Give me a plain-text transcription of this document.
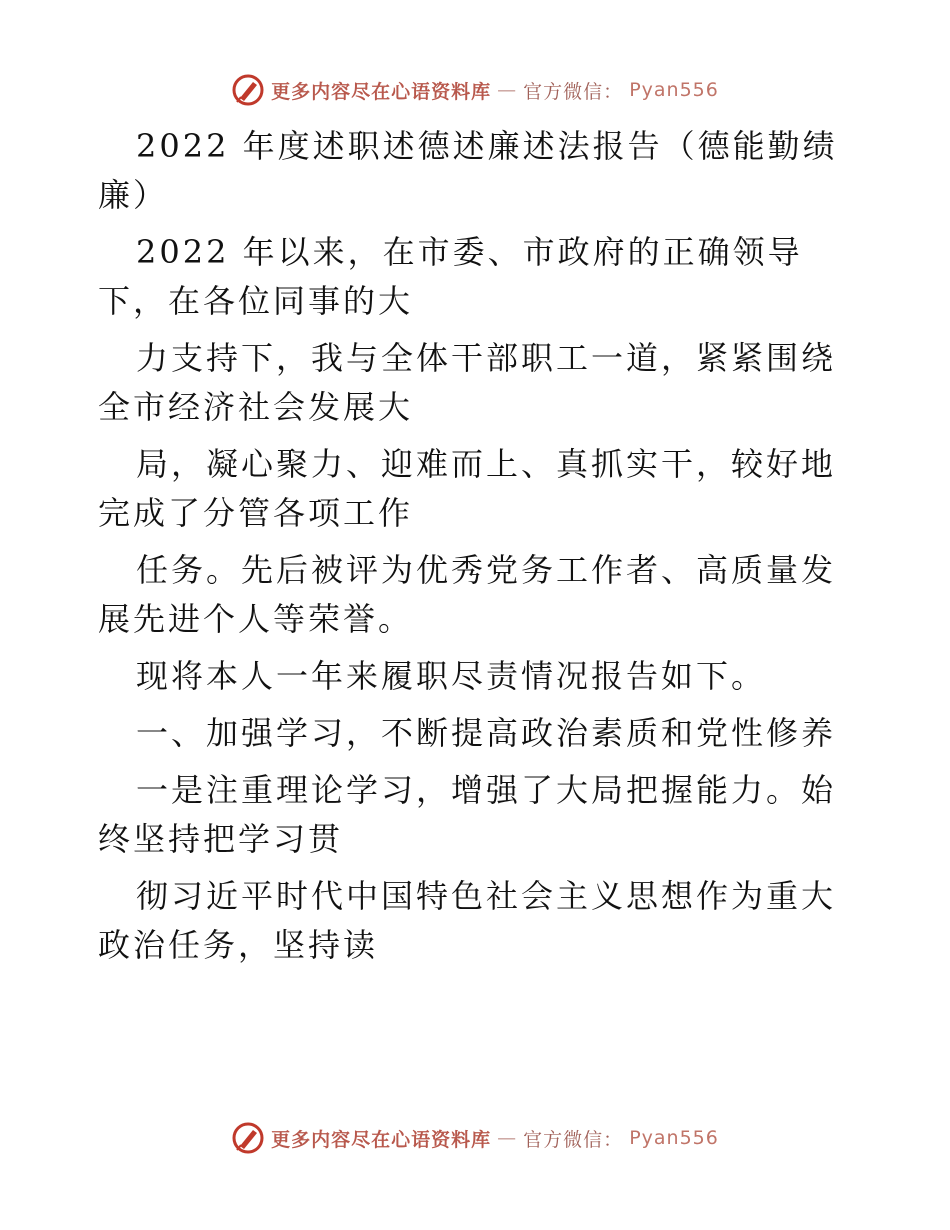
更多内容尽在心语资料库 — 官方微信： Pyan556

2022 年度述职述德述廉述法报告（德能勤绩廉）

2022 年以来，在市委、市政府的正确领导下，在各位同事的大

力支持下，我与全体干部职工一道，紧紧围绕全市经济社会发展大

局，凝心聚力、迎难而上、真抓实干，较好地完成了分管各项工作

任务。先后被评为优秀党务工作者、高质量发展先进个人等荣誉。

现将本人一年来履职尽责情况报告如下。

一、加强学习，不断提高政治素质和党性修养

一是注重理论学习，增强了大局把握能力。始终坚持把学习贯

彻习近平时代中国特色社会主义思想作为重大政治任务，坚持读

更多内容尽在心语资料库 — 官方微信： Pyan556
